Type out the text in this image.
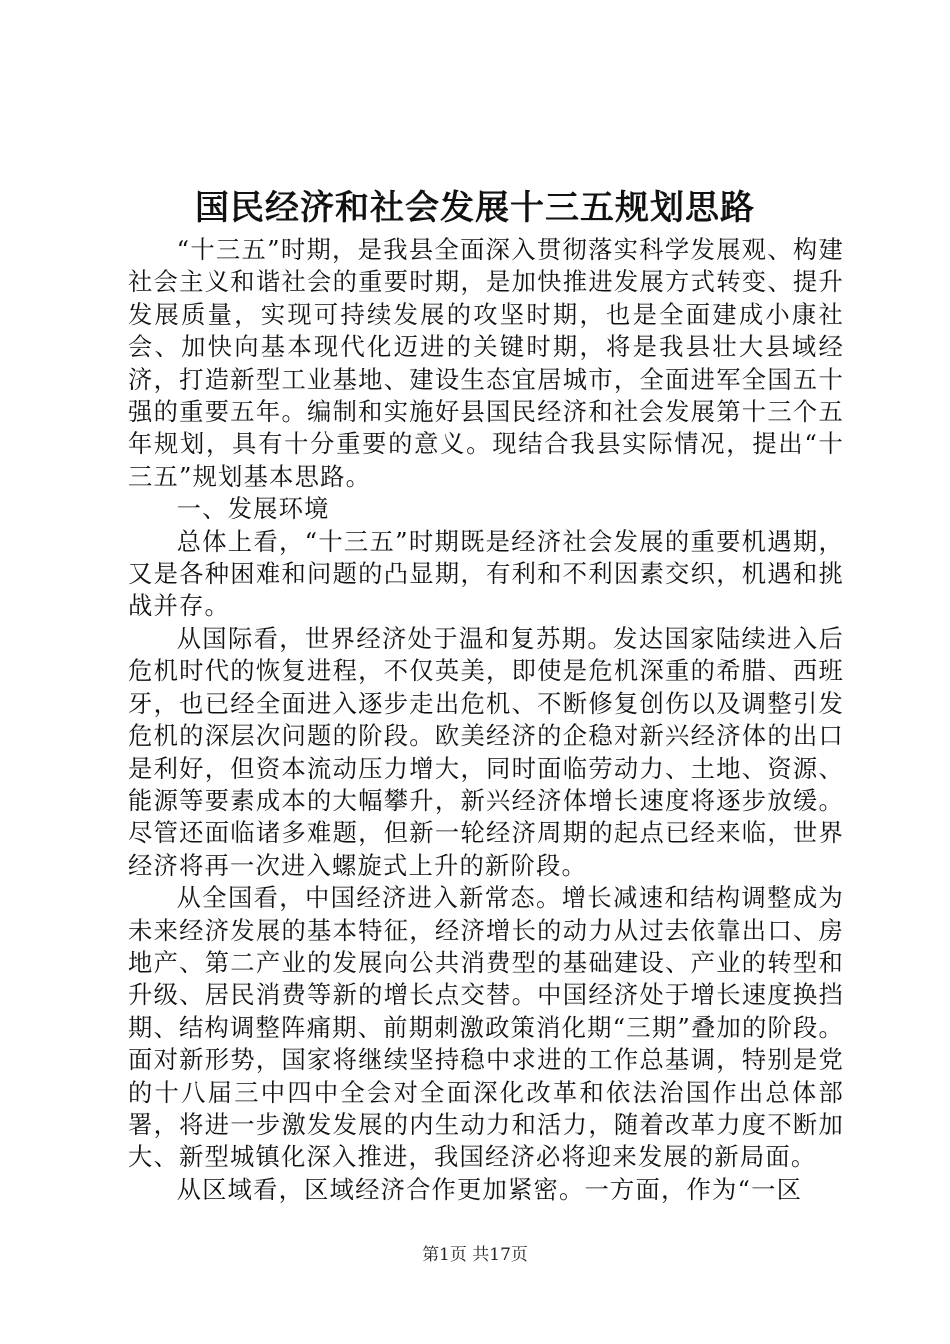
国民经济和社会发展十三五规划思路

“十三五”时期，是我县全面深入贯彻落实科学发展观、构建社会主义和谐社会的重要时期，是加快推进发展方式转变、提升发展质量，实现可持续发展的攻坚时期，也是全面建成小康社会、加快向基本现代化迈进的关键时期，将是我县壮大县域经济，打造新型工业基地、建设生态宜居城市，全面进军全国五十强的重要五年。编制和实施好县国民经济和社会发展第十三个五年规划，具有十分重要的意义。现结合我县实际情况，提出“十三五”规划基本思路。

一、发展环境

总体上看，“十三五”时期既是经济社会发展的重要机遇期，又是各种困难和问题的凸显期，有利和不利因素交织，机遇和挑战并存。

从国际看，世界经济处于温和复苏期。发达国家陆续进入后危机时代的恢复进程，不仅英美，即使是危机深重的希腊、西班牙，也已经全面进入逐步走出危机、不断修复创伤以及调整引发危机的深层次问题的阶段。欧美经济的企稳对新兴经济体的出口是利好，但资本流动压力增大，同时面临劳动力、土地、资源、能源等要素成本的大幅攀升，新兴经济体增长速度将逐步放缓。尽管还面临诸多难题，但新一轮经济周期的起点已经来临，世界经济将再一次进入螺旋式上升的新阶段。

从全国看，中国经济进入新常态。增长减速和结构调整成为未来经济发展的基本特征，经济增长的动力从过去依靠出口、房地产、第二产业的发展向公共消费型的基础建设、产业的转型和升级、居民消费等新的增长点交替。中国经济处于增长速度换挡期、结构调整阵痛期、前期刺激政策消化期“三期”叠加的阶段。面对新形势，国家将继续坚持稳中求进的工作总基调，特别是党的十八届三中四中全会对全面深化改革和依法治国作出总体部署，将进一步激发发展的内生动力和活力，随着改革力度不断加大、新型城镇化深入推进，我国经济必将迎来发展的新局面。

从区域看，区域经济合作更加紧密。一方面，作为“一区

第1页 共17页
